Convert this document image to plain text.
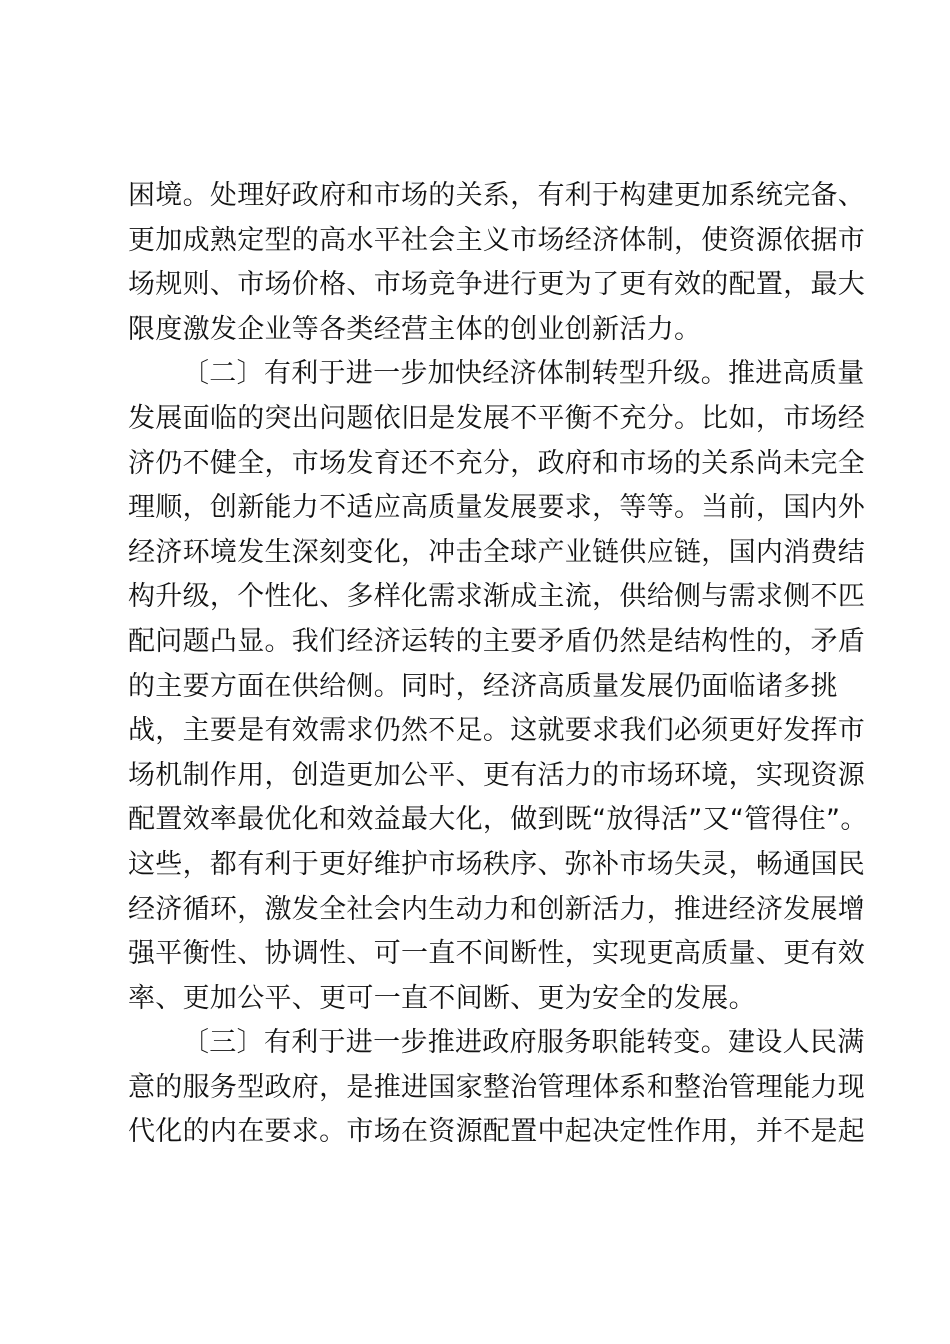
困境。处理好政府和市场的关系，有利于构建更加系统完备、
更加成熟定型的高水平社会主义市场经济体制，使资源依据市
场规则、市场价格、市场竞争进行更为了更有效的配置，最大
限度激发企业等各类经营主体的创业创新活力。
〔二〕有利于进一步加快经济体制转型升级。推进高质量
发展面临的突出问题依旧是发展不平衡不充分。比如，市场经
济仍不健全，市场发育还不充分，政府和市场的关系尚未完全
理顺，创新能力不适应高质量发展要求，等等。当前，国内外
经济环境发生深刻变化，冲击全球产业链供应链，国内消费结
构升级，个性化、多样化需求渐成主流，供给侧与需求侧不匹
配问题凸显。我们经济运转的主要矛盾仍然是结构性的，矛盾
的主要方面在供给侧。同时，经济高质量发展仍面临诸多挑
战，主要是有效需求仍然不足。这就要求我们必须更好发挥市
场机制作用，创造更加公平、更有活力的市场环境，实现资源
配置效率最优化和效益最大化，做到既“放得活”又“管得住”。
这些，都有利于更好维护市场秩序、弥补市场失灵，畅通国民
经济循环，激发全社会内生动力和创新活力，推进经济发展增
强平衡性、协调性、可一直不间断性，实现更高质量、更有效
率、更加公平、更可一直不间断、更为安全的发展。
〔三〕有利于进一步推进政府服务职能转变。建设人民满
意的服务型政府，是推进国家整治管理体系和整治管理能力现
代化的内在要求。市场在资源配置中起决定性作用，并不是起
